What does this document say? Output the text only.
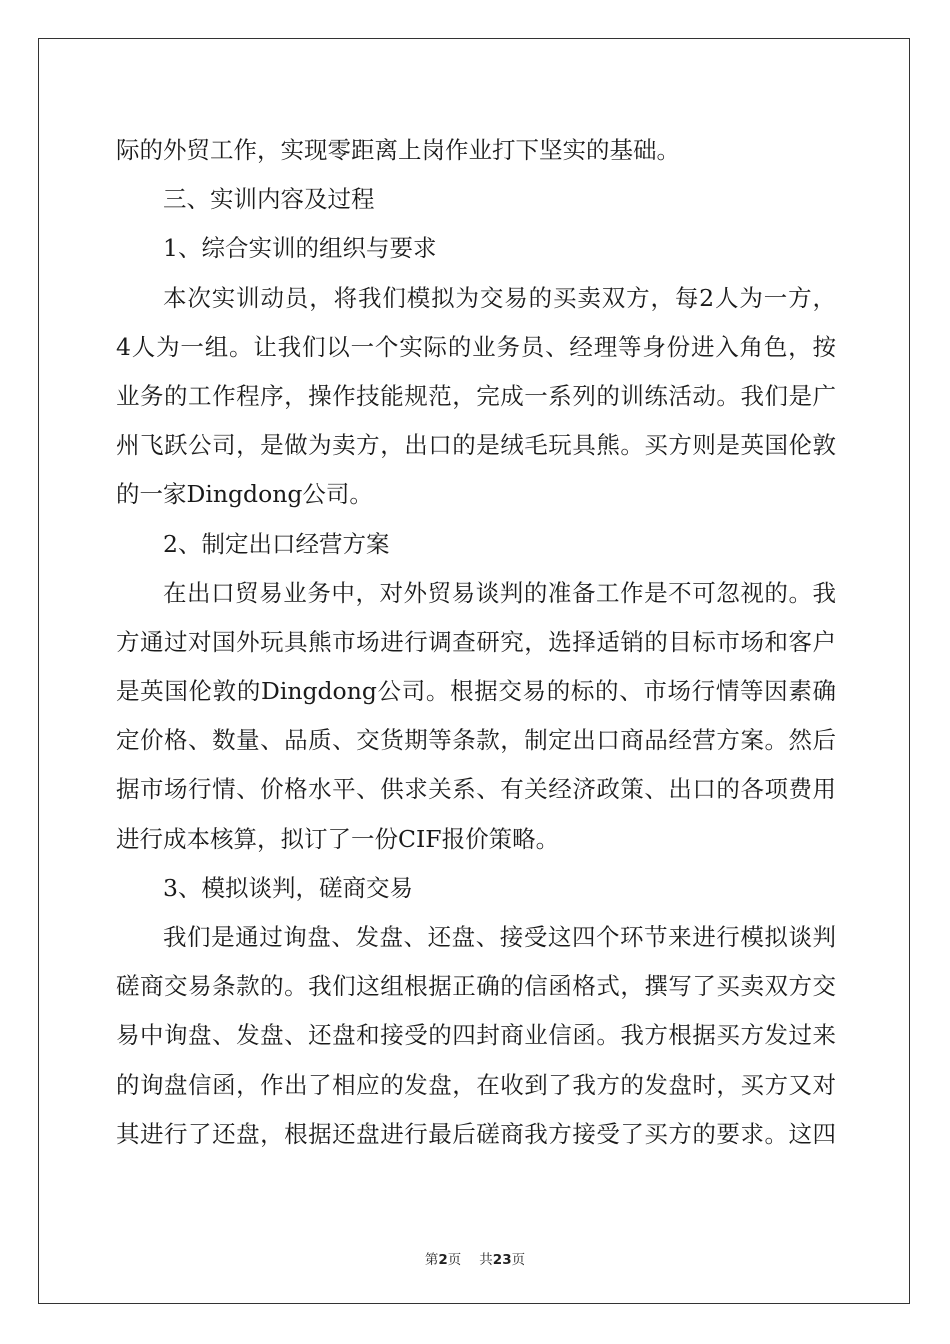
际的外贸工作，实现零距离上岗作业打下坚实的基础。
三、实训内容及过程
1、综合实训的组织与要求
本次实训动员，将我们模拟为交易的买卖双方，每2人为一方，
4人为一组。让我们以一个实际的业务员、经理等身份进入角色，按
业务的工作程序，操作技能规范，完成一系列的训练活动。我们是广
州飞跃公司，是做为卖方，出口的是绒毛玩具熊。买方则是英国伦敦
的一家Dingdong公司。
2、制定出口经营方案
在出口贸易业务中，对外贸易谈判的准备工作是不可忽视的。我
方通过对国外玩具熊市场进行调查研究，选择适销的目标市场和客户
是英国伦敦的Dingdong公司。根据交易的标的、市场行情等因素确
定价格、数量、品质、交货期等条款，制定出口商品经营方案。然后
据市场行情、价格水平、供求关系、有关经济政策、出口的各项费用
进行成本核算，拟订了一份CIF报价策略。
3、模拟谈判，磋商交易
我们是通过询盘、发盘、还盘、接受这四个环节来进行模拟谈判
磋商交易条款的。我们这组根据正确的信函格式，撰写了买卖双方交
易中询盘、发盘、还盘和接受的四封商业信函。我方根据买方发过来
的询盘信函，作出了相应的发盘，在收到了我方的发盘时，买方又对
其进行了还盘，根据还盘进行最后磋商我方接受了买方的要求。这四
第2页 共23页
